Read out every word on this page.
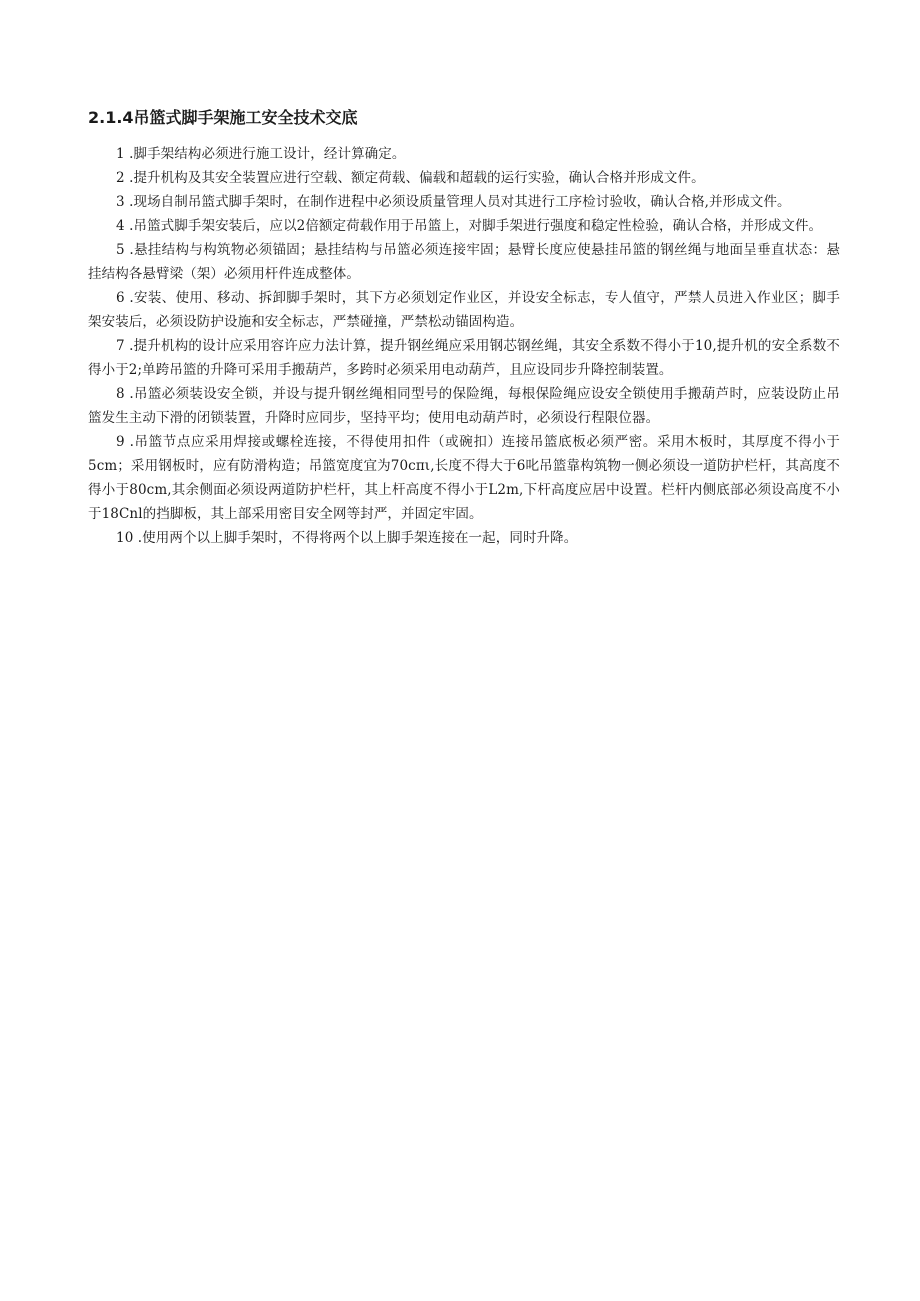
2.1.4吊篮式脚手架施工安全技术交底

1 .脚手架结构必须进行施工设计，经计算确定。

2 .提升机构及其安全装置应进行空载、额定荷载、偏载和超载的运行实验，确认合格并形成文件。

3 .现场自制吊篮式脚手架时，在制作进程中必须设质量管理人员对其进行工序检讨验收，确认合格,并形成文件。

4 .吊篮式脚手架安装后，应以2倍额定荷载作用于吊篮上，对脚手架进行强度和稳定性检验，确认合格，并形成文件。

5 .悬挂结构与构筑物必须锚固；悬挂结构与吊篮必须连接牢固；悬臂长度应使悬挂吊篮的钢丝绳与地面呈垂直状态：悬挂结构各悬臂梁（架）必须用杆件连成整体。

6 .安装、使用、移动、拆卸脚手架时，其下方必须划定作业区，并设安全标志，专人值守，严禁人员进入作业区；脚手架安装后，必须设防护设施和安全标志，严禁碰撞，严禁松动锚固构造。

7 .提升机构的设计应采用容许应力法计算，提升钢丝绳应采用钢芯钢丝绳，其安全系数不得小于10,提升机的安全系数不得小于2;单跨吊篮的升降可采用手搬葫芦，多跨时必须采用电动葫芦，且应设同步升降控制装置。

8 .吊篮必须装设安全锁，并设与提升钢丝绳相同型号的保险绳，每根保险绳应设安全锁使用手搬葫芦时，应装设防止吊篮发生主动下滑的闭锁装置，升降时应同步，坚持平均；使用电动葫芦时，必须设行程限位器。

9 .吊篮节点应采用焊接或螺栓连接，不得使用扣件（或碗扣）连接吊篮底板必须严密。采用木板时，其厚度不得小于5cm；采用钢板时，应有防滑构造；吊篮宽度宜为70cπι,长度不得大于6叱吊篮靠构筑物一侧必须设一道防护栏杆，其高度不得小于80cm,其余侧面必须设两道防护栏杆，其上杆高度不得小于L2m,下杆高度应居中设置。栏杆内侧底部必须设高度不小于18Cnl的挡脚板，其上部采用密目安全网等封严，并固定牢固。

10 .使用两个以上脚手架时，不得将两个以上脚手架连接在一起，同时升降。
